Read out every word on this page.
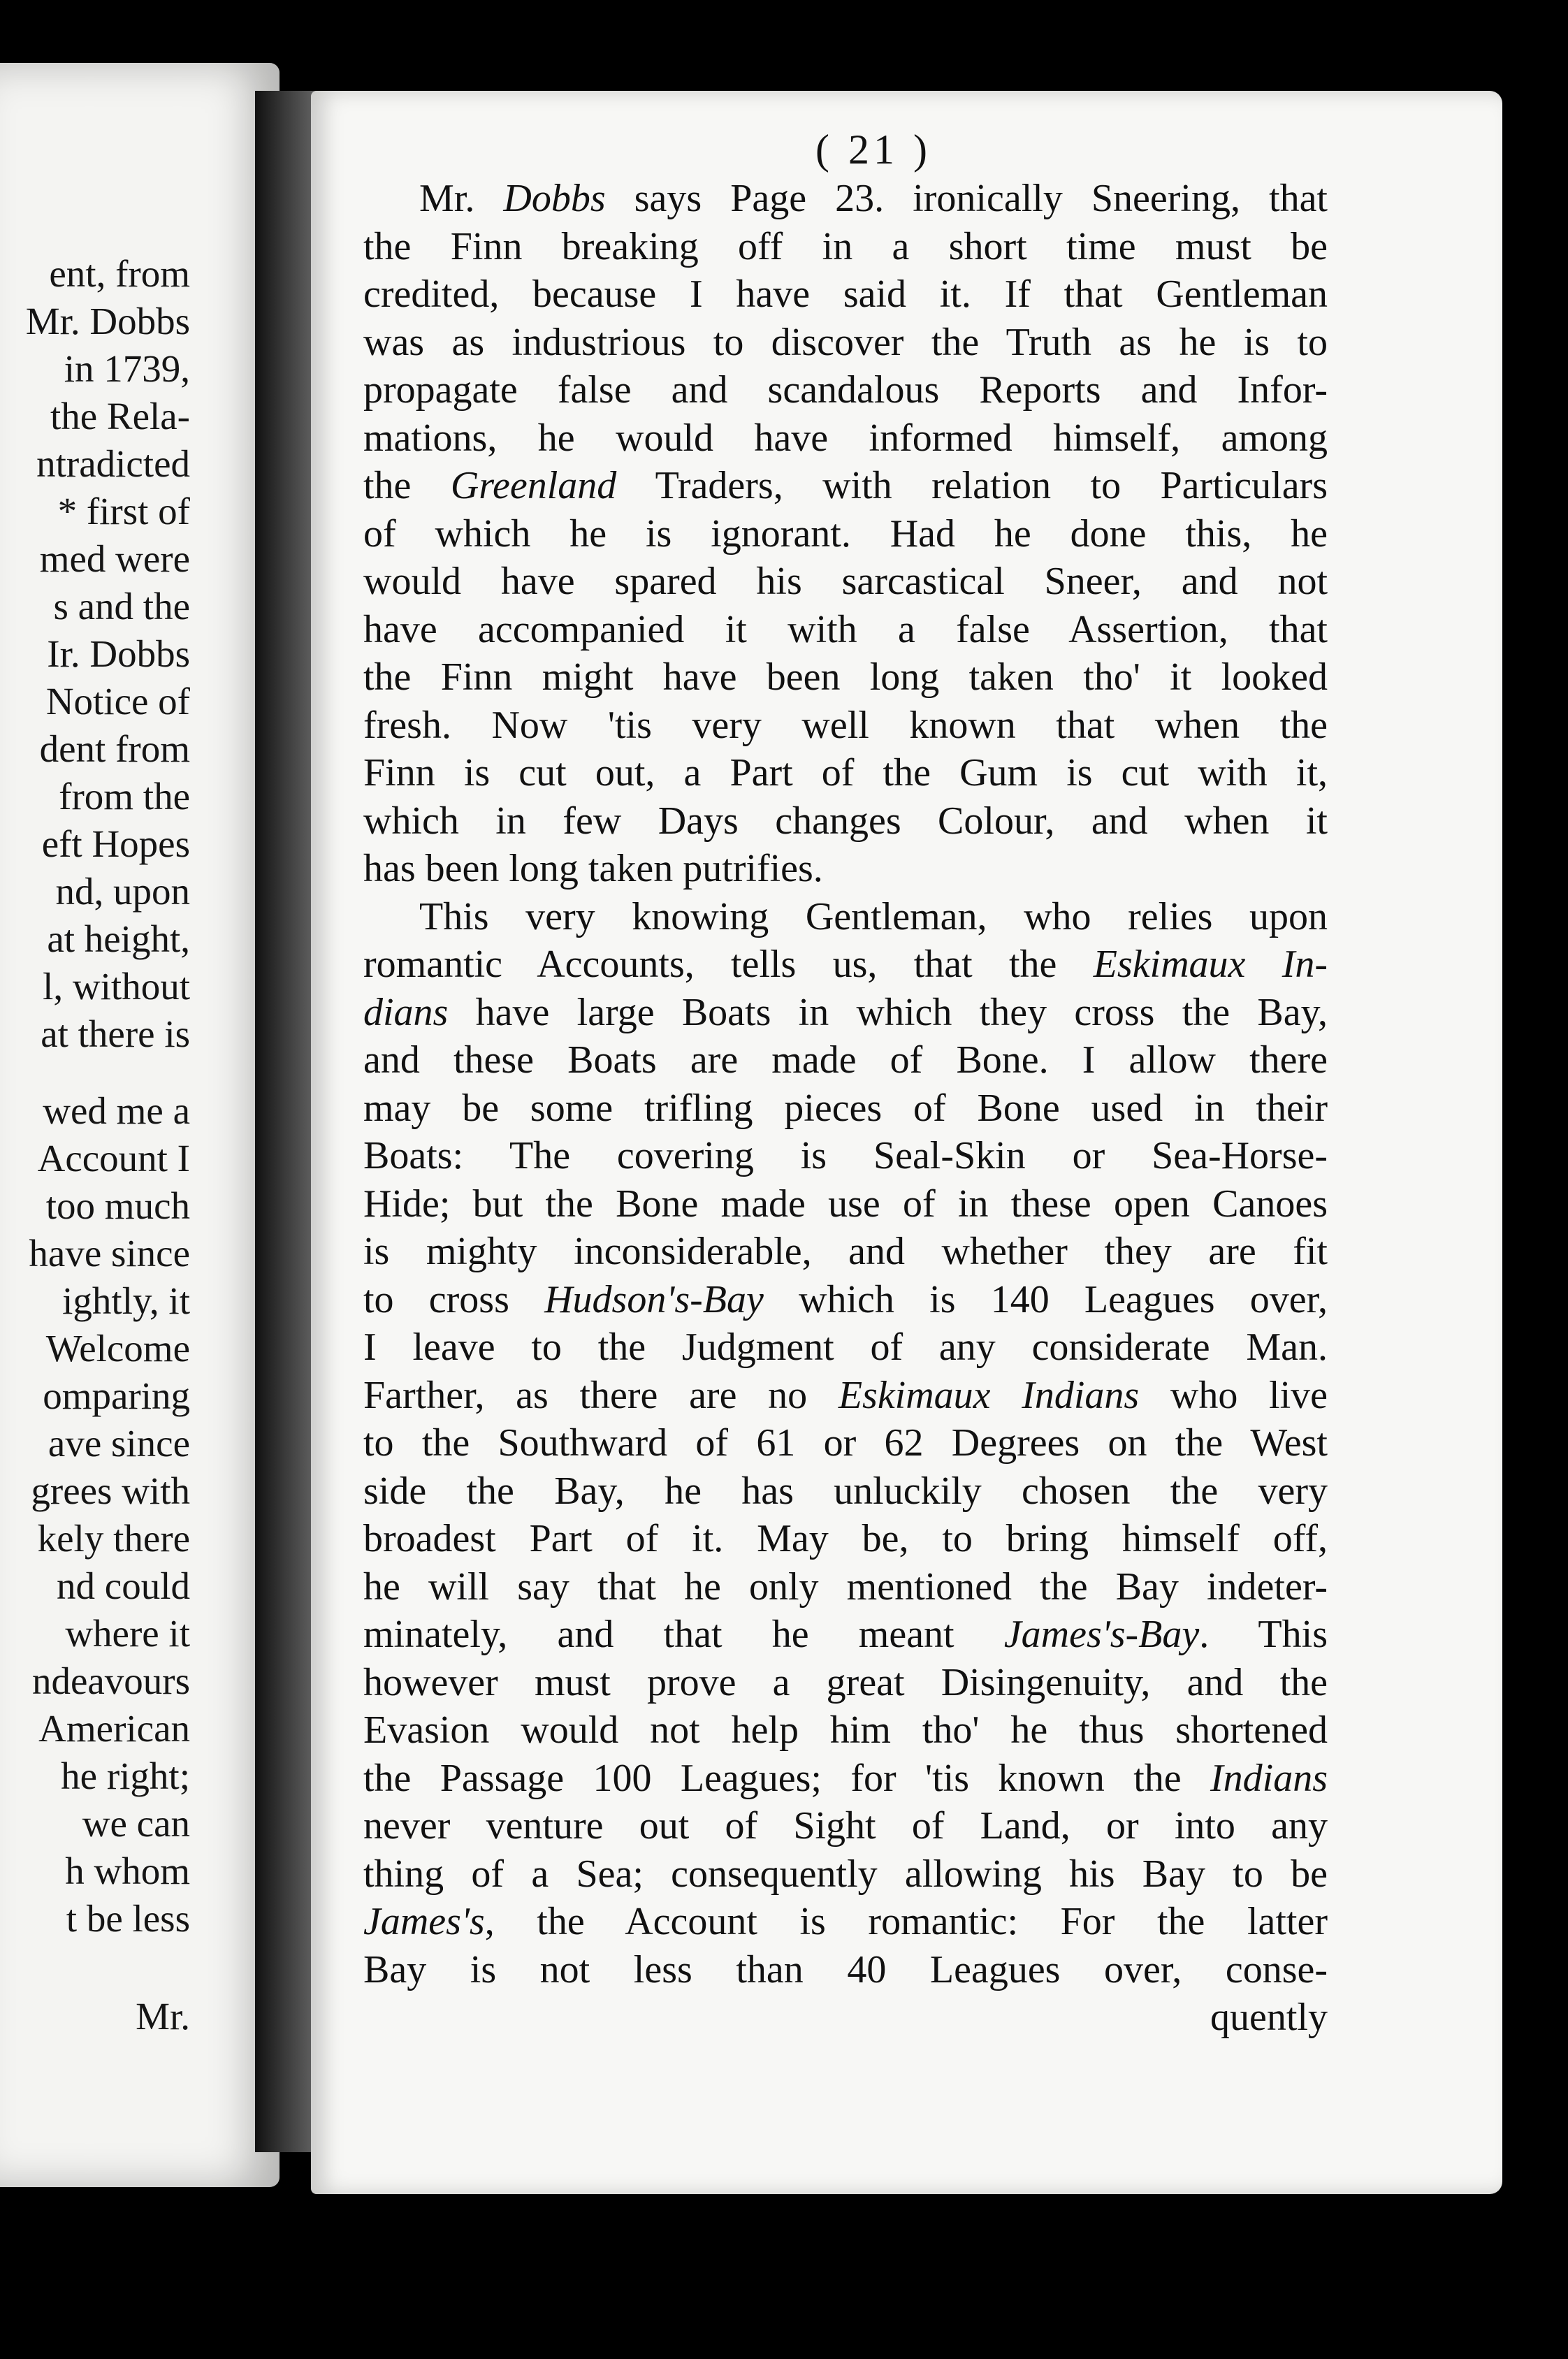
ent, from
Mr. Dobbs
in 1739,
the Rela-
ntradicted
* first of
med were
s and the
Ir. Dobbs
Notice of
dent from
from the
eft Hopes
nd, upon
at height,
l, without
at there is
wed me a
Account I
too much
have since
ightly, it
Welcome
omparing
ave since
grees with
kely there
nd could
where it
ndeavours
American
he right;
we can
h whom
t be less
Mr.
( 21 )
Mr. Dobbs says Page 23. ironically Sneering, that
the Finn breaking off in a short time must be
credited, because I have said it. If that Gentleman
was as industrious to discover the Truth as he is to
propagate false and scandalous Reports and Infor-
mations, he would have informed himself, among
the Greenland Traders, with relation to Particulars
of which he is ignorant. Had he done this, he
would have spared his sarcastical Sneer, and not
have accompanied it with a false Assertion, that
the Finn might have been long taken tho' it looked
fresh. Now 'tis very well known that when the
Finn is cut out, a Part of the Gum is cut with it,
which in few Days changes Colour, and when it
has been long taken putrifies.
This very knowing Gentleman, who relies upon
romantic Accounts, tells us, that the Eskimaux In-
dians have large Boats in which they cross the Bay,
and these Boats are made of Bone. I allow there
may be some trifling pieces of Bone used in their
Boats: The covering is Seal-Skin or Sea-Horse-
Hide; but the Bone made use of in these open Canoes
is mighty inconsiderable, and whether they are fit
to cross Hudson's-Bay which is 140 Leagues over,
I leave to the Judgment of any considerate Man.
Farther, as there are no Eskimaux Indians who live
to the Southward of 61 or 62 Degrees on the West
side the Bay, he has unluckily chosen the very
broadest Part of it. May be, to bring himself off,
he will say that he only mentioned the Bay indeter-
minately, and that he meant James's-Bay. This
however must prove a great Disingenuity, and the
Evasion would not help him tho' he thus shortened
the Passage 100 Leagues; for 'tis known the Indians
never venture out of Sight of Land, or into any
thing of a Sea; consequently allowing his Bay to be
James's, the Account is romantic: For the latter
Bay is not less than 40 Leagues over, conse-
quently
